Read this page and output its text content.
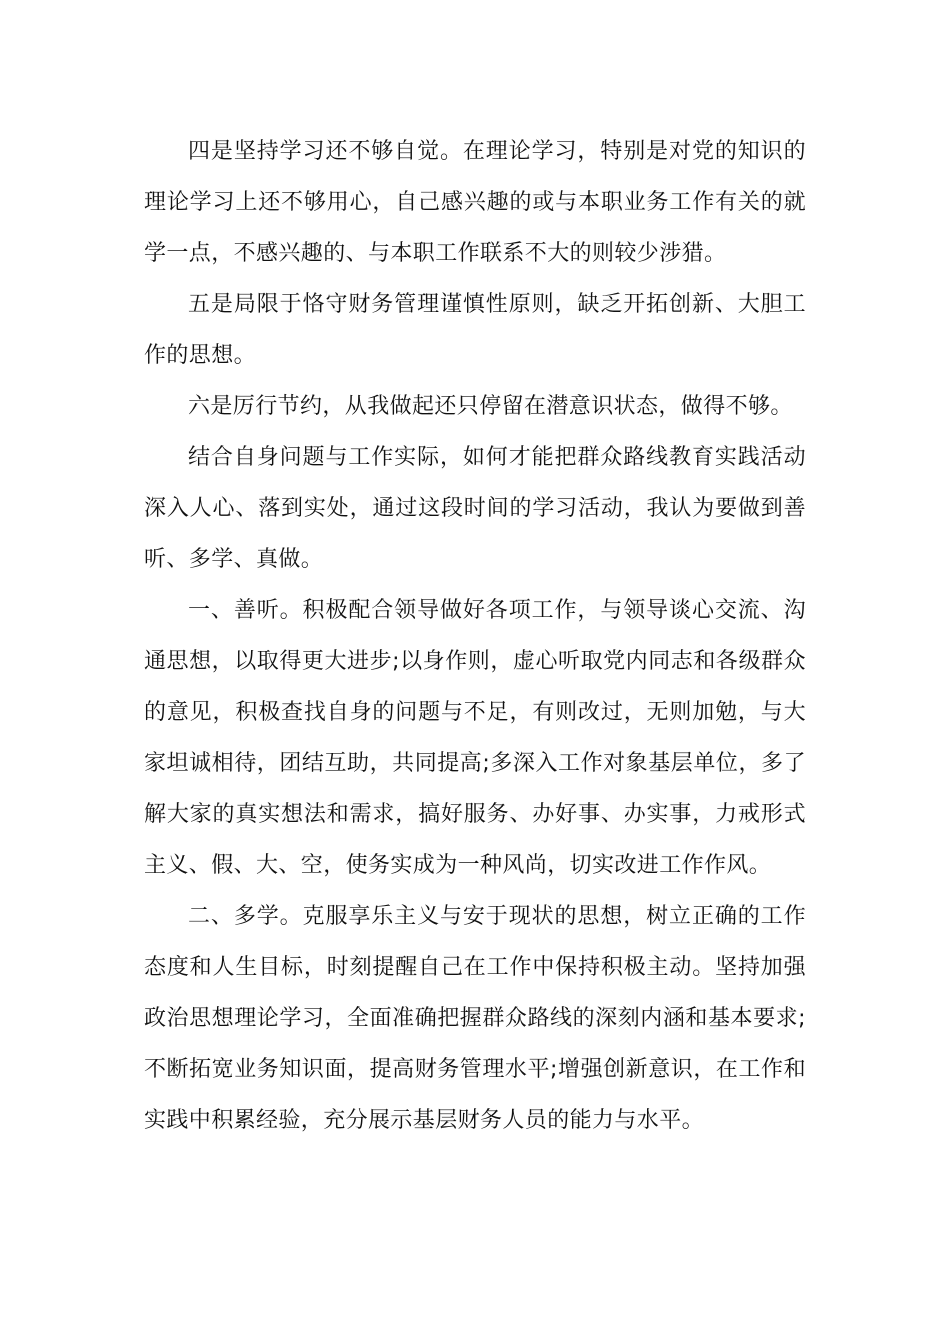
四是坚持学习还不够自觉。在理论学习，特别是对党的知识的理论学习上还不够用心，自己感兴趣的或与本职业务工作有关的就学一点，不感兴趣的、与本职工作联系不大的则较少涉猎。

五是局限于恪守财务管理谨慎性原则，缺乏开拓创新、大胆工作的思想。

六是厉行节约，从我做起还只停留在潜意识状态，做得不够。

结合自身问题与工作实际，如何才能把群众路线教育实践活动深入人心、落到实处，通过这段时间的学习活动，我认为要做到善听、多学、真做。

一、善听。积极配合领导做好各项工作，与领导谈心交流、沟通思想，以取得更大进步;以身作则，虚心听取党内同志和各级群众的意见，积极查找自身的问题与不足，有则改过，无则加勉，与大家坦诚相待，团结互助，共同提高;多深入工作对象基层单位，多了解大家的真实想法和需求，搞好服务、办好事、办实事，力戒形式主义、假、大、空，使务实成为一种风尚，切实改进工作作风。

二、多学。克服享乐主义与安于现状的思想，树立正确的工作态度和人生目标，时刻提醒自己在工作中保持积极主动。坚持加强政治思想理论学习，全面准确把握群众路线的深刻内涵和基本要求;不断拓宽业务知识面，提高财务管理水平;增强创新意识，在工作和实践中积累经验，充分展示基层财务人员的能力与水平。
